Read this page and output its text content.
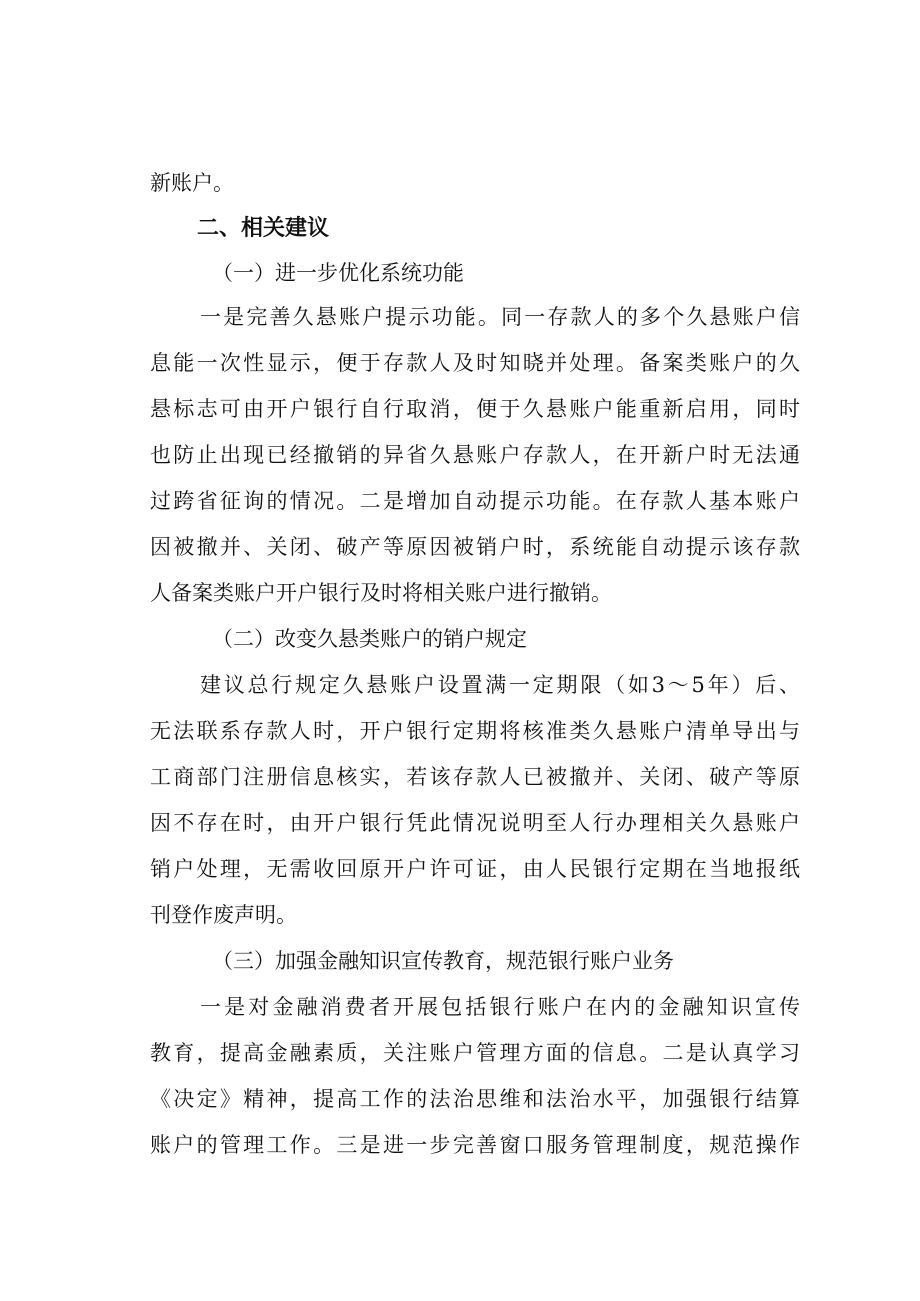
新账户。
二、相关建议
（一）进一步优化系统功能
一是完善久悬账户提示功能。同一存款人的多个久悬账户信
息能一次性显示，便于存款人及时知晓并处理。备案类账户的久
悬标志可由开户银行自行取消，便于久悬账户能重新启用，同时
也防止出现已经撤销的异省久悬账户存款人，在开新户时无法通
过跨省征询的情况。二是增加自动提示功能。在存款人基本账户
因被撤并、关闭、破产等原因被销户时，系统能自动提示该存款
人备案类账户开户银行及时将相关账户进行撤销。
（二）改变久悬类账户的销户规定
建议总行规定久悬账户设置满一定期限（如3～5年）后、
无法联系存款人时，开户银行定期将核准类久悬账户清单导出与
工商部门注册信息核实，若该存款人已被撤并、关闭、破产等原
因不存在时，由开户银行凭此情况说明至人行办理相关久悬账户
销户处理，无需收回原开户许可证，由人民银行定期在当地报纸
刊登作废声明。
（三）加强金融知识宣传教育，规范银行账户业务
一是对金融消费者开展包括银行账户在内的金融知识宣传
教育，提高金融素质，关注账户管理方面的信息。二是认真学习
《决定》精神，提高工作的法治思维和法治水平，加强银行结算
账户的管理工作。三是进一步完善窗口服务管理制度，规范操作
